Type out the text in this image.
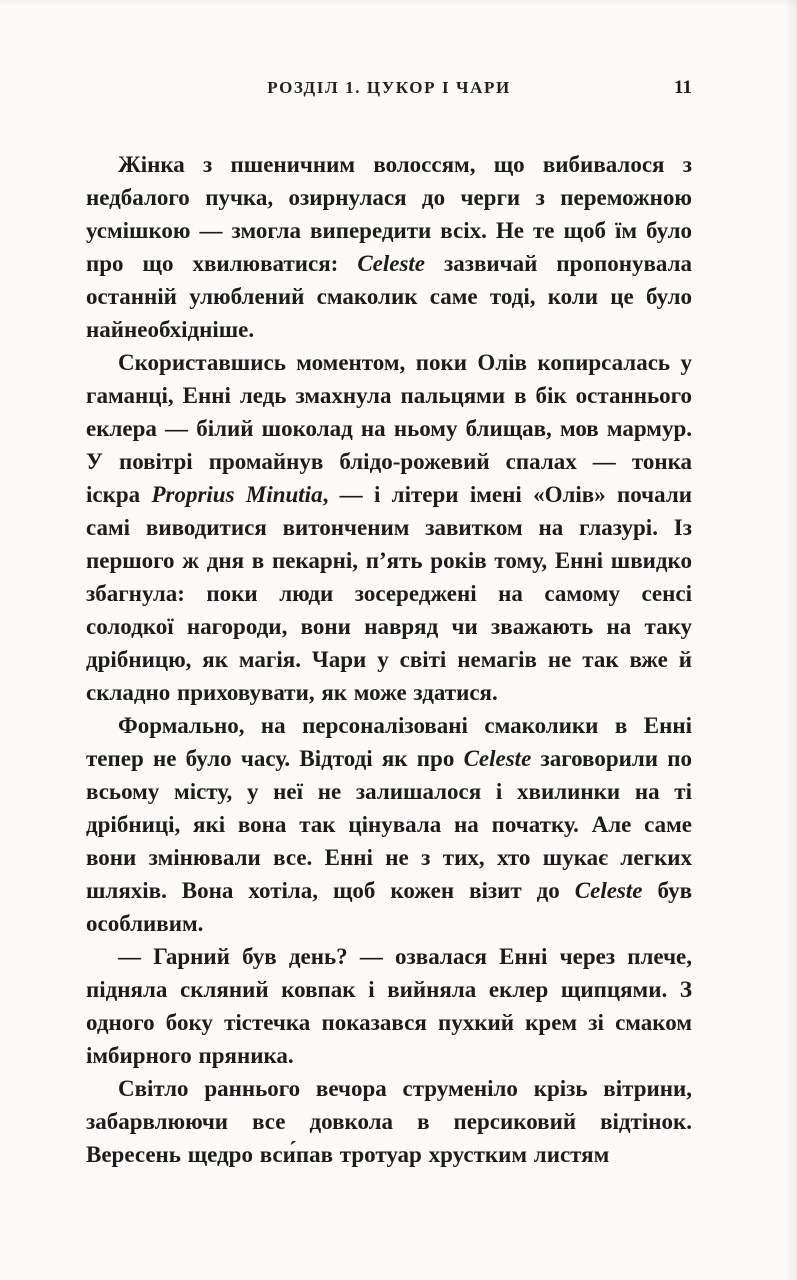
РОЗДІЛ 1. ЦУКОР І ЧАРИ	11

Жінка з пшеничним волоссям, що вибивалося з недбалого пучка, озирнулася до черги з переможною усмішкою — змогла випередити всіх. Не те щоб їм було про що хвилюватися: Celeste зазвичай пропонувала останній улюблений смаколик саме тоді, коли це було найнеобхідніше.

Скориставшись моментом, поки Олів копирсалась у гаманці, Енні ледь змахнула пальцями в бік останнього еклера — білий шоколад на ньому блищав, мов мармур. У повітрі промайнув блідо-рожевий спалах — тонка іскра Proprius Minutia, — і літери імені «Олів» почали самі виводитися витонченим завитком на глазурі. Із першого ж дня в пекарні, п’ять років тому, Енні швидко збагнула: поки люди зосереджені на самому сенсі солодкої нагороди, вони навряд чи зважають на таку дрібницю, як магія. Чари у світі немагів не так вже й складно приховувати, як може здатися.

Формально, на персоналізовані смаколики в Енні тепер не було часу. Відтоді як про Celeste заговорили по всьому місту, у неї не залишалося і хвилинки на ті дрібниці, які вона так цінувала на початку. Але саме вони змінювали все. Енні не з тих, хто шукає легких шляхів. Вона хотіла, щоб кожен візит до Celeste був особливим.

— Гарний був день? — озвалася Енні через плече, підняла скляний ковпак і вийняла еклер щипцями. З одного боку тістечка показався пухкий крем зі смаком імбирного пряника.

Світло раннього вечора струменіло крізь вітрини, забарвлюючи все довкола в персиковий відтінок. Вересень щедро вси́пав тротуар хрустким листям
